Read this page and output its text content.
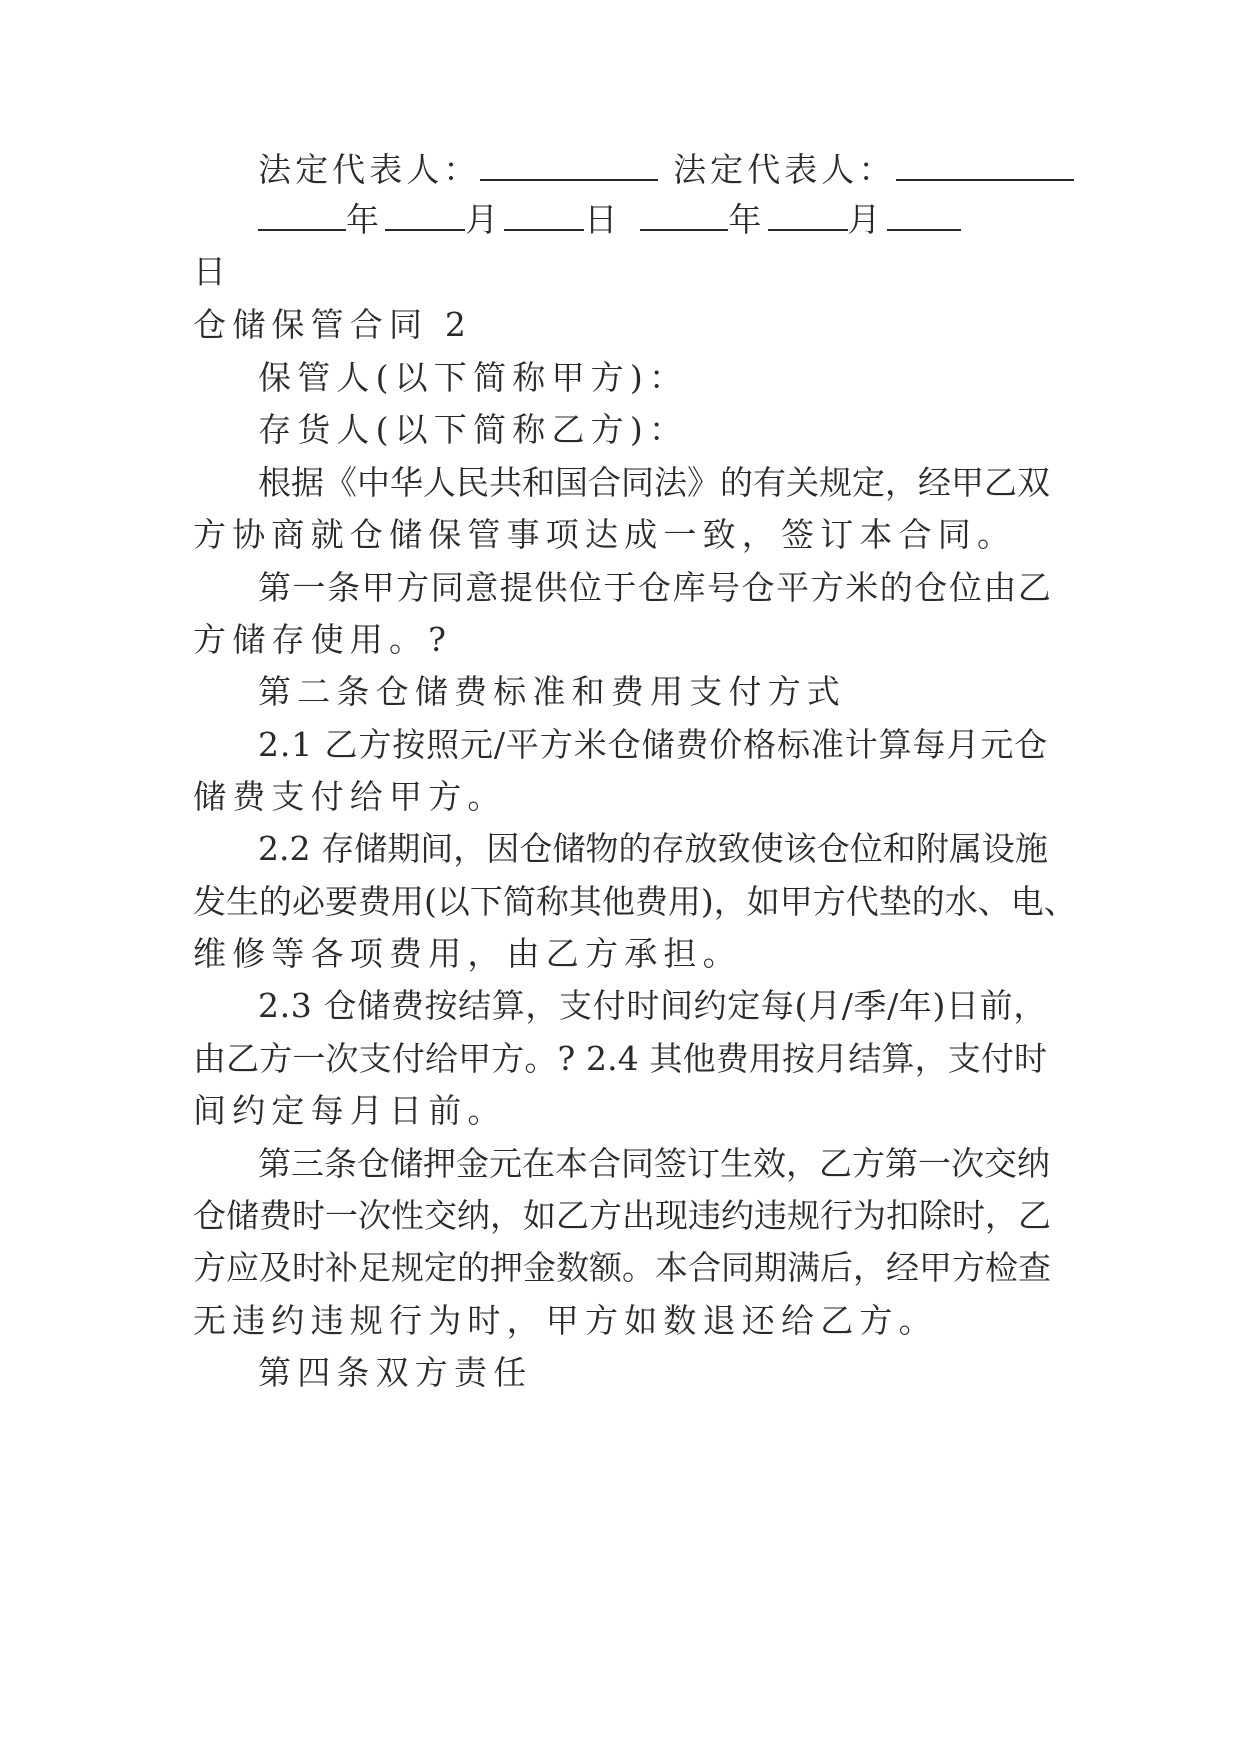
法定代表人：	法定代表人：
年 月 日	年 月
日
仓储保管合同 2
保管人(以下简称甲方)：
存货人(以下简称乙方)：
根据《中华人民共和国合同法》的有关规定，经甲乙双
方协商就仓储保管事项达成一致，签订本合同。
第一条甲方同意提供位于仓库号仓平方米的仓位由乙
方储存使用。?
第二条仓储费标准和费用支付方式
2.1 乙方按照元/平方米仓储费价格标准计算每月元仓
储费支付给甲方。
2.2 存储期间，因仓储物的存放致使该仓位和附属设施
发生的必要费用(以下简称其他费用)，如甲方代垫的水、电、
维修等各项费用，由乙方承担。
2.3 仓储费按结算，支付时间约定每(月/季/年)日前，
由乙方一次支付给甲方。? 2.4 其他费用按月结算，支付时
间约定每月日前。
第三条仓储押金元在本合同签订生效，乙方第一次交纳
仓储费时一次性交纳，如乙方出现违约违规行为扣除时，乙
方应及时补足规定的押金数额。本合同期满后，经甲方检查
无违约违规行为时，甲方如数退还给乙方。
第四条双方责任
